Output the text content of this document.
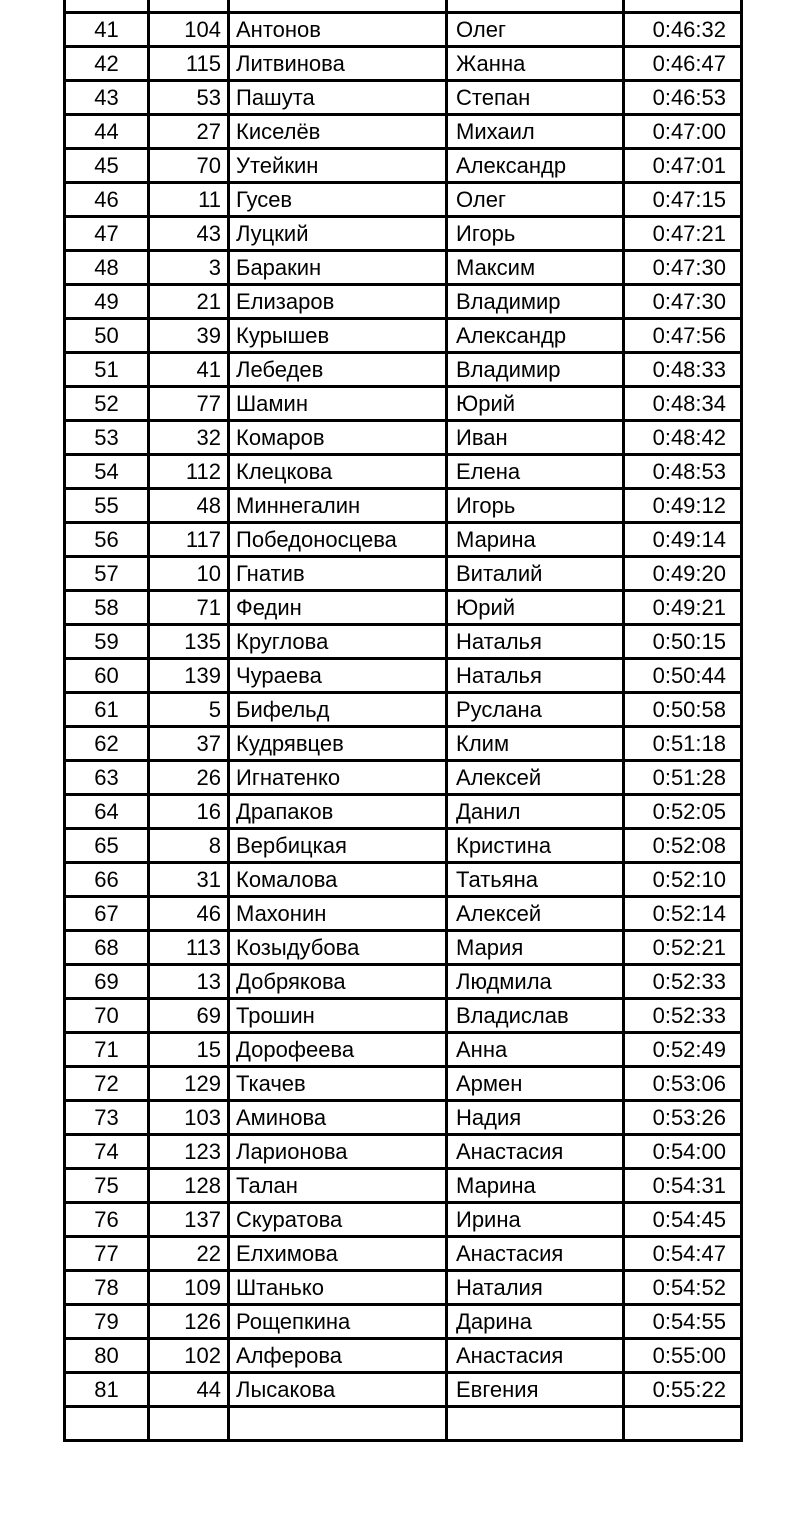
41	104	Антонов	Олег	0:46:32
42	115	Литвинова	Жанна	0:46:47
43	53	Пашута	Степан	0:46:53
44	27	Киселёв	Михаил	0:47:00
45	70	Утейкин	Александр	0:47:01
46	11	Гусев	Олег	0:47:15
47	43	Луцкий	Игорь	0:47:21
48	3	Баракин	Максим	0:47:30
49	21	Елизаров	Владимир	0:47:30
50	39	Курышев	Александр	0:47:56
51	41	Лебедев	Владимир	0:48:33
52	77	Шамин	Юрий	0:48:34
53	32	Комаров	Иван	0:48:42
54	112	Клецкова	Елена	0:48:53
55	48	Миннегалин	Игорь	0:49:12
56	117	Победоносцева	Марина	0:49:14
57	10	Гнатив	Виталий	0:49:20
58	71	Федин	Юрий	0:49:21
59	135	Круглова	Наталья	0:50:15
60	139	Чураева	Наталья	0:50:44
61	5	Бифельд	Руслана	0:50:58
62	37	Кудрявцев	Клим	0:51:18
63	26	Игнатенко	Алексей	0:51:28
64	16	Драпаков	Данил	0:52:05
65	8	Вербицкая	Кристина	0:52:08
66	31	Комалова	Татьяна	0:52:10
67	46	Махонин	Алексей	0:52:14
68	113	Козыдубова	Мария	0:52:21
69	13	Добрякова	Людмила	0:52:33
70	69	Трошин	Владислав	0:52:33
71	15	Дорофеева	Анна	0:52:49
72	129	Ткачев	Армен	0:53:06
73	103	Аминова	Надия	0:53:26
74	123	Ларионова	Анастасия	0:54:00
75	128	Талан	Марина	0:54:31
76	137	Скуратова	Ирина	0:54:45
77	22	Елхимова	Анастасия	0:54:47
78	109	Штанько	Наталия	0:54:52
79	126	Рощепкина	Дарина	0:54:55
80	102	Алферова	Анастасия	0:55:00
81	44	Лысакова	Евгения	0:55:22
